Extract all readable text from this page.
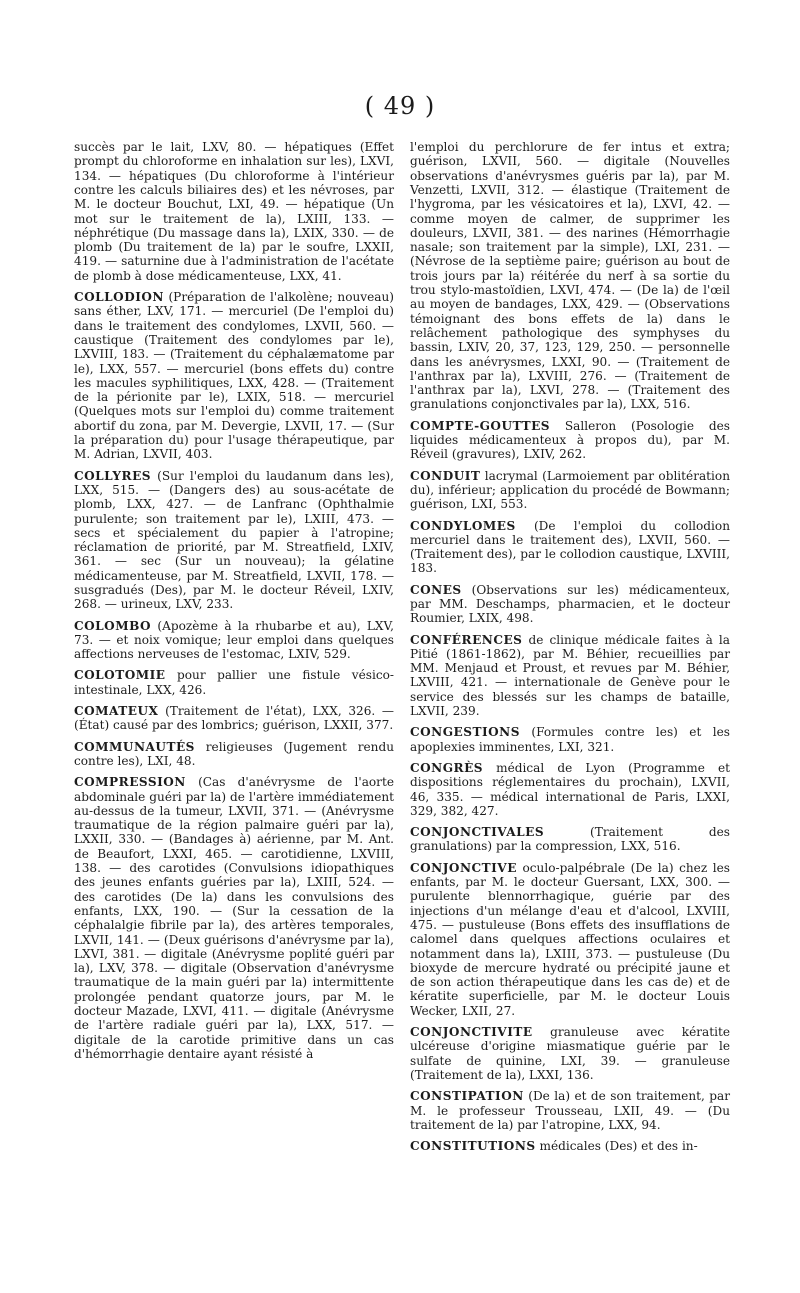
( 49 )

succès par le lait, LXV, 80. — hépatiques (Effet prompt du chloroforme en inhalation sur les), LXVI, 134. — hépatiques (Du chloroforme à l'intérieur contre les calculs biliaires des) et les névroses, par M. le docteur Bouchut, LXI, 49. — hépatique (Un mot sur le traitement de la), LXIII, 133. — néphrétique (Du massage dans la), LXIX, 330. — de plomb (Du traitement de la) par le soufre, LXXII, 419. — saturnine due à l'administration de l'acétate de plomb à dose médicamenteuse, LXX, 41.

COLLODION (Préparation de l'alkolène; nouveau) sans éther, LXV, 171. — mercuriel (De l'emploi du) dans le traitement des condylomes, LXVII, 560. — caustique (Traitement des condylomes par le), LXVIII, 183. — (Traitement du céphalæmatome par le), LXX, 557. — mercuriel (bons effets du) contre les macules syphilitiques, LXX, 428. — (Traitement de la périonite par le), LXIX, 518. — mercuriel (Quelques mots sur l'emploi du) comme traitement abortif du zona, par M. Devergie, LXVII, 17. — (Sur la préparation du) pour l'usage thérapeutique, par M. Adrian, LXVII, 403.

COLLYRES (Sur l'emploi du laudanum dans les), LXX, 515. — (Dangers des) au sous-acétate de plomb, LXX, 427. — de Lanfranc (Ophthalmie purulente; son traitement par le), LXIII, 473. — secs et spécialement du papier à l'atropine; réclamation de priorité, par M. Streatfield, LXIV, 361. — sec (Sur un nouveau); la gélatine médicamenteuse, par M. Streatfield, LXVII, 178. — susgradués (Des), par M. le docteur Réveil, LXIV, 268. — urineux, LXV, 233.

COLOMBO (Apozème à la rhubarbe et au), LXV, 73. — et noix vomique; leur emploi dans quelques affections nerveuses de l'estomac, LXIV, 529.

COLOTOMIE pour pallier une fistule vésico-intestinale, LXX, 426.

COMATEUX (Traitement de l'état), LXX, 326. — (État) causé par des lombrics; guérison, LXXII, 377.

COMMUNAUTÉS religieuses (Jugement rendu contre les), LXI, 48.

COMPRESSION (Cas d'anévrysme de l'aorte abdominale guéri par la) de l'artère immédiatement au-dessus de la tumeur, LXVII, 371. — (Anévrysme traumatique de la région palmaire guéri par la), LXXII, 330. — (Bandages à) aérienne, par M. Ant. de Beaufort, LXXI, 465. — carotidienne, LXVIII, 138. — des carotides (Convulsions idiopathiques des jeunes enfants guéries par la), LXIII, 524. — des carotides (De la) dans les convulsions des enfants, LXX, 190. — (Sur la cessation de la céphalalgie fibrile par la), des artères temporales, LXVII, 141. — (Deux guérisons d'anévrysme par la), LXVI, 381. — digitale (Anévrysme poplité guéri par la), LXV, 378. — digitale (Observation d'anévrysme traumatique de la main guéri par la) intermittente prolongée pendant quatorze jours, par M. le docteur Mazade, LXVI, 411. — digitale (Anévrysme de l'artère radiale guéri par la), LXX, 517. — digitale de la carotide primitive dans un cas d'hémorrhagie dentaire ayant résisté à

l'emploi du perchlorure de fer intus et extra; guérison, LXVII, 560. — digitale (Nouvelles observations d'anévrysmes guéris par la), par M. Venzetti, LXVII, 312. — élastique (Traitement de l'hygroma, par les vésicatoires et la), LXVI, 42. — comme moyen de calmer, de supprimer les douleurs, LXVII, 381. — des narines (Hémorrhagie nasale; son traitement par la simple), LXI, 231. — (Névrose de la septième paire; guérison au bout de trois jours par la) réitérée du nerf à sa sortie du trou stylo-mastoïdien, LXVI, 474. — (De la) de l'œil au moyen de bandages, LXX, 429. — (Observations témoignant des bons effets de la) dans le relâchement pathologique des symphyses du bassin, LXIV, 20, 37, 123, 129, 250. — personnelle dans les anévrysmes, LXXI, 90. — (Traitement de l'anthrax par la), LXVIII, 276. — (Traitement de l'anthrax par la), LXVI, 278. — (Traitement des granulations conjonctivales par la), LXX, 516.

COMPTE-GOUTTES Salleron (Posologie des liquides médicamenteux à propos du), par M. Réveil (gravures), LXIV, 262.

CONDUIT lacrymal (Larmoiement par oblitération du), inférieur; application du procédé de Bowmann; guérison, LXI, 553.

CONDYLOMES (De l'emploi du collodion mercuriel dans le traitement des), LXVII, 560. — (Traitement des), par le collodion caustique, LXVIII, 183.

CONES (Observations sur les) médicamenteux, par MM. Deschamps, pharmacien, et le docteur Roumier, LXIX, 498.

CONFÉRENCES de clinique médicale faites à la Pitié (1861-1862), par M. Béhier, recueillies par MM. Menjaud et Proust, et revues par M. Béhier, LXVIII, 421. — internationale de Genève pour le service des blessés sur les champs de bataille, LXVII, 239.

CONGESTIONS (Formules contre les) et les apoplexies imminentes, LXI, 321.

CONGRÈS médical de Lyon (Programme et dispositions réglementaires du prochain), LXVII, 46, 335. — médical international de Paris, LXXI, 329, 382, 427.

CONJONCTIVALES	(Traitement des granulations) par la compression, LXX, 516.

CONJONCTIVE oculo-palpébrale (De la) chez les enfants, par M. le docteur Guersant, LXX, 300. — purulente blennorrhagique, guérie par des injections d'un mélange d'eau et d'alcool, LXVIII, 475. — pustuleuse (Bons effets des insufflations de calomel dans quelques affections oculaires et notamment dans la), LXIII, 373. — pustuleuse (Du bioxyde de mercure hydraté ou précipité jaune et de son action thérapeutique dans les cas de) et de kératite superficielle, par M. le docteur Louis Wecker, LXII, 27.

CONJONCTIVITE granuleuse avec kératite ulcéreuse d'origine miasmatique guérie par le sulfate de quinine, LXI, 39. — granuleuse (Traitement de la), LXXI, 136.

CONSTIPATION (De la) et de son traitement, par M. le professeur Trousseau, LXII, 49. — (Du traitement de la) par l'atropine, LXX, 94.

CONSTITUTIONS médicales (Des) et des in-
